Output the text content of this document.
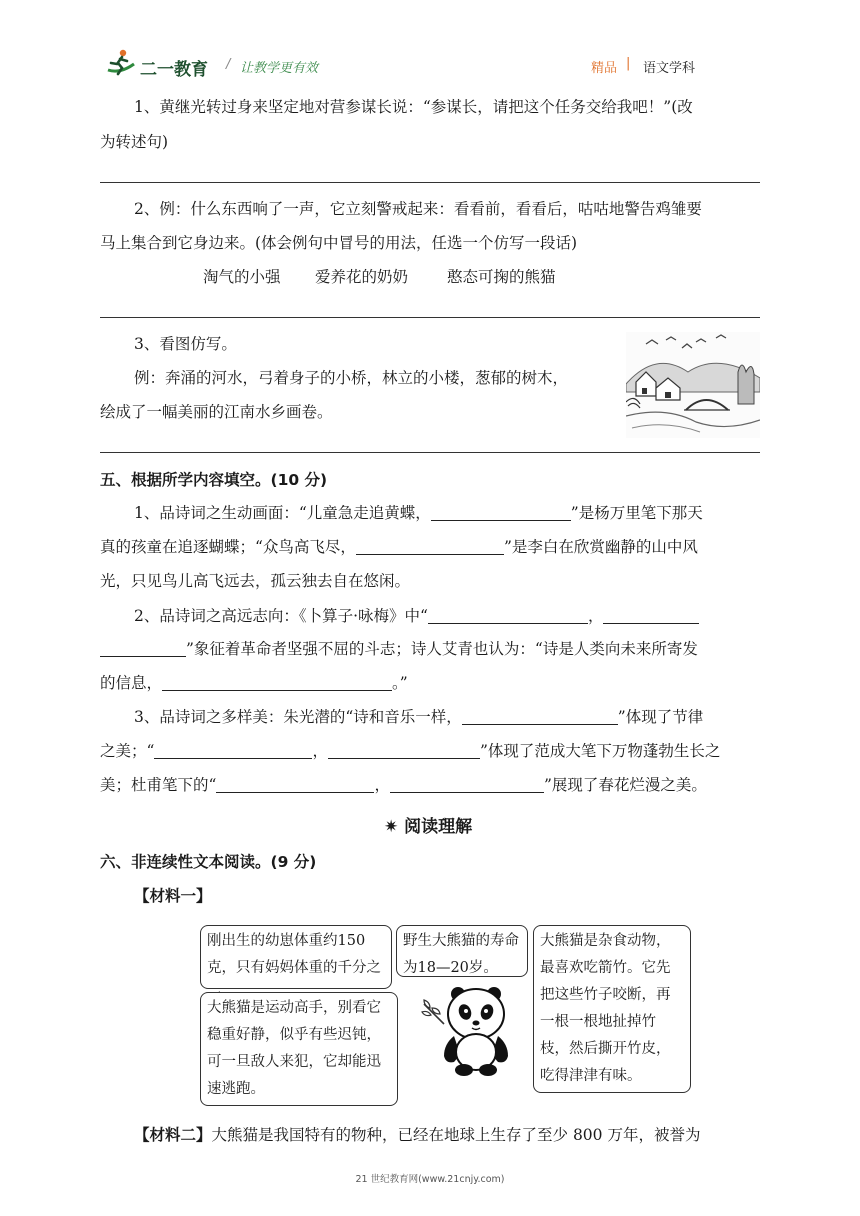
二一教育 / 让教学更有效	精品 | 语文学科
1、黄继光转过身来坚定地对营参谋长说：“参谋长，请把这个任务交给我吧！”(改
为转述句)
2、例：什么东西响了一声，它立刻警戒起来：看看前，看看后，咕咕地警告鸡雏要
马上集合到它身边来。(体会例句中冒号的用法，任选一个仿写一段话)
淘气的小强 爱养花的奶奶	憨态可掬的熊猫
3、看图仿写。
例：奔涌的河水，弓着身子的小桥，林立的小楼，葱郁的树木，
绘成了一幅美丽的江南水乡画卷。
五、根据所学内容填空。(10 分)
1、品诗词之生动画面：“儿童急走追黄蝶，	”是杨万里笔下那天
真的孩童在追逐蝴蝶；“众鸟高飞尽，	”是李白在欣赏幽静的山中风
光，只见鸟儿高飞远去，孤云独去自在悠闲。
2、品诗词之高远志向：《卜算子·咏梅》中“	，
”象征着革命者坚强不屈的斗志；诗人艾青也认为：“诗是人类向未来所寄发
的信息，	。”
3、品诗词之多样美：朱光潜的“诗和音乐一样，	”体现了节律
之美；“	，	”体现了范成大笔下万物蓬勃生长之
美；杜甫笔下的“	，	”展现了春花烂漫之美。
✷ 阅读理解
六、非连续性文本阅读。(9 分)
【材料一】
刚出生的幼崽体重约150克，只有妈妈体重的千分之
野生大熊猫的寿命为18—20岁。
大熊猫是杂食动物，最喜欢吃箭竹。它先把这些竹子咬断，再一根一根地扯掉竹枝，然后撕开竹皮，吃得津津有味。
大熊猫是运动高手，别看它稳重好静，似乎有些迟钝，可一旦敌人来犯，它却能迅速逃跑。
【材料二】大熊猫是我国特有的物种，已经在地球上生存了至少 800 万年，被誉为
21 世纪教育网(www.21cnjy.com)
